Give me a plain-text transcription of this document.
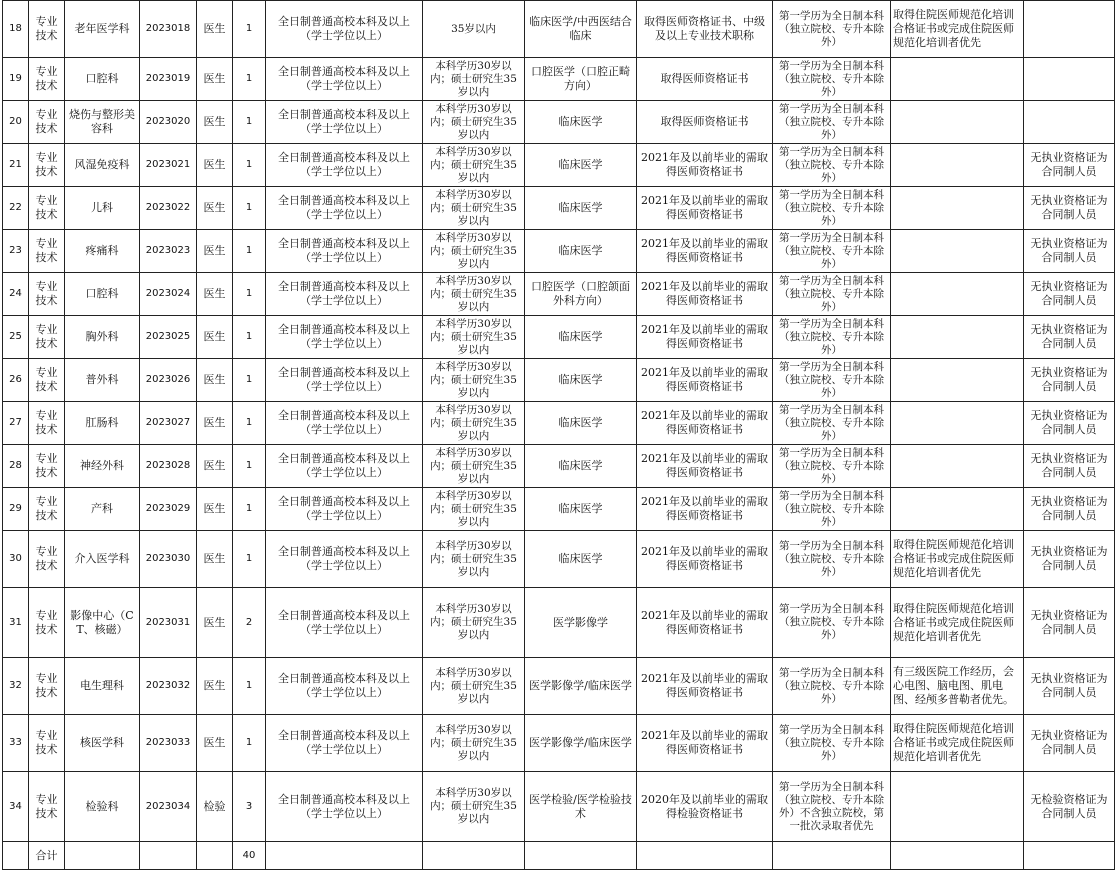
18	专业技术	老年医学科	2023018	医生	1	全日制普通高校本科及以上（学士学位以上）	35岁以内	临床医学/中西医结合临床	取得医师资格证书、中级及以上专业技术职称	第一学历为全日制本科（独立院校、专升本除外）	取得住院医师规范化培训合格证书或完成住院医师规范化培训者优先	
19	专业技术	口腔科	2023019	医生	1	全日制普通高校本科及以上（学士学位以上）	本科学历30岁以内；硕士研究生35岁以内	口腔医学（口腔正畸方向）	取得医师资格证书	第一学历为全日制本科（独立院校、专升本除外）		
20	专业技术	烧伤与整形美容科	2023020	医生	1	全日制普通高校本科及以上（学士学位以上）	本科学历30岁以内；硕士研究生35岁以内	临床医学	取得医师资格证书	第一学历为全日制本科（独立院校、专升本除外）		
21	专业技术	风湿免疫科	2023021	医生	1	全日制普通高校本科及以上（学士学位以上）	本科学历30岁以内；硕士研究生35岁以内	临床医学	2021年及以前毕业的需取得医师资格证书	第一学历为全日制本科（独立院校、专升本除外）		无执业资格证为合同制人员
22	专业技术	儿科	2023022	医生	1	全日制普通高校本科及以上（学士学位以上）	本科学历30岁以内；硕士研究生35岁以内	临床医学	2021年及以前毕业的需取得医师资格证书	第一学历为全日制本科（独立院校、专升本除外）		无执业资格证为合同制人员
23	专业技术	疼痛科	2023023	医生	1	全日制普通高校本科及以上（学士学位以上）	本科学历30岁以内；硕士研究生35岁以内	临床医学	2021年及以前毕业的需取得医师资格证书	第一学历为全日制本科（独立院校、专升本除外）		无执业资格证为合同制人员
24	专业技术	口腔科	2023024	医生	1	全日制普通高校本科及以上（学士学位以上）	本科学历30岁以内；硕士研究生35岁以内	口腔医学（口腔颌面外科方向）	2021年及以前毕业的需取得医师资格证书	第一学历为全日制本科（独立院校、专升本除外）		无执业资格证为合同制人员
25	专业技术	胸外科	2023025	医生	1	全日制普通高校本科及以上（学士学位以上）	本科学历30岁以内；硕士研究生35岁以内	临床医学	2021年及以前毕业的需取得医师资格证书	第一学历为全日制本科（独立院校、专升本除外）		无执业资格证为合同制人员
26	专业技术	普外科	2023026	医生	1	全日制普通高校本科及以上（学士学位以上）	本科学历30岁以内；硕士研究生35岁以内	临床医学	2021年及以前毕业的需取得医师资格证书	第一学历为全日制本科（独立院校、专升本除外）		无执业资格证为合同制人员
27	专业技术	肛肠科	2023027	医生	1	全日制普通高校本科及以上（学士学位以上）	本科学历30岁以内；硕士研究生35岁以内	临床医学	2021年及以前毕业的需取得医师资格证书	第一学历为全日制本科（独立院校、专升本除外）		无执业资格证为合同制人员
28	专业技术	神经外科	2023028	医生	1	全日制普通高校本科及以上（学士学位以上）	本科学历30岁以内；硕士研究生35岁以内	临床医学	2021年及以前毕业的需取得医师资格证书	第一学历为全日制本科（独立院校、专升本除外）		无执业资格证为合同制人员
29	专业技术	产科	2023029	医生	1	全日制普通高校本科及以上（学士学位以上）	本科学历30岁以内；硕士研究生35岁以内	临床医学	2021年及以前毕业的需取得医师资格证书	第一学历为全日制本科（独立院校、专升本除外）		无执业资格证为合同制人员
30	专业技术	介入医学科	2023030	医生	1	全日制普通高校本科及以上（学士学位以上）	本科学历30岁以内；硕士研究生35岁以内	临床医学	2021年及以前毕业的需取得医师资格证书	第一学历为全日制本科（独立院校、专升本除外）	取得住院医师规范化培训合格证书或完成住院医师规范化培训者优先	无执业资格证为合同制人员
31	专业技术	影像中心（CT、核磁）	2023031	医生	2	全日制普通高校本科及以上（学士学位以上）	本科学历30岁以内；硕士研究生35岁以内	医学影像学	2021年及以前毕业的需取得医师资格证书	第一学历为全日制本科（独立院校、专升本除外）	取得住院医师规范化培训合格证书或完成住院医师规范化培训者优先	无执业资格证为合同制人员
32	专业技术	电生理科	2023032	医生	1	全日制普通高校本科及以上（学士学位以上）	本科学历30岁以内；硕士研究生35岁以内	医学影像学/临床医学	2021年及以前毕业的需取得医师资格证书	第一学历为全日制本科（独立院校、专升本除外）	有三级医院工作经历，会心电图、脑电图、肌电图、经颅多普勒者优先。	无执业资格证为合同制人员
33	专业技术	核医学科	2023033	医生	1	全日制普通高校本科及以上（学士学位以上）	本科学历30岁以内；硕士研究生35岁以内	医学影像学/临床医学	2021年及以前毕业的需取得医师资格证书	第一学历为全日制本科（独立院校、专升本除外）	取得住院医师规范化培训合格证书或完成住院医师规范化培训者优先	无执业资格证为合同制人员
34	专业技术	检验科	2023034	检验	3	全日制普通高校本科及以上（学士学位以上）	本科学历30岁以内；硕士研究生35岁以内	医学检验/医学检验技术	2020年及以前毕业的需取得检验资格证书	第一学历为全日制本科（独立院校、专升本除外）不含独立院校，第一批次录取者优先		无检验资格证为合同制人员
	合计				40							
